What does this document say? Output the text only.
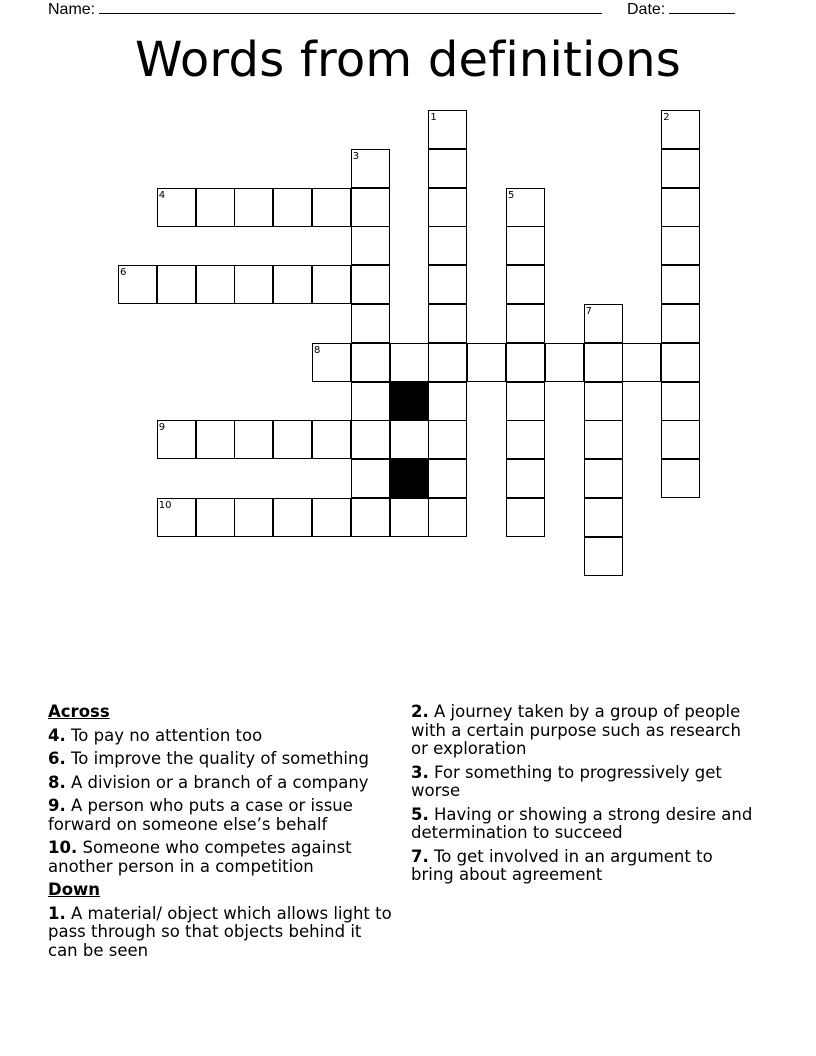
Name:	Date:
Words from definitions
1	2
3
4	5
6
7
8
9
10
Across
4. To pay no attention too
6. To improve the quality of something
8. A division or a branch of a company
9. A person who puts a case or issue forward on someone else’s behalf
10. Someone who competes against another person in a competition
Down
1. A material/ object which allows light to pass through so that objects behind it can be seen
2. A journey taken by a group of people with a certain purpose such as research or exploration
3. For something to progressively get worse
5. Having or showing a strong desire and determination to succeed
7. To get involved in an argument to bring about agreement
